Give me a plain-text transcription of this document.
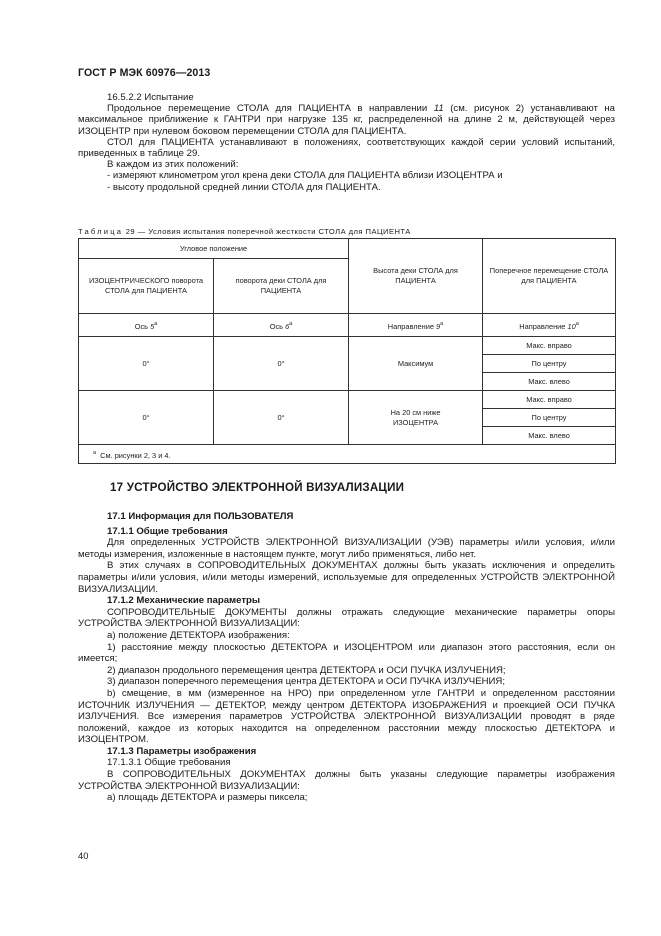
ГОСТ Р МЭК 60976—2013

16.5.2.2 Испытание

Продольное перемещение СТОЛА для ПАЦИЕНТА в направлении 11 (см. рисунок 2) устанавливают на максимальное приближение к ГАНТРИ при нагрузке 135 кг, распределенной на длине 2 м, действующей через ИЗОЦЕНТР при нулевом боковом перемещении СТОЛА для ПАЦИЕНТА.

СТОЛ для ПАЦИЕНТА устанавливают в положениях, соответствующих каждой серии условий испытаний, приведенных в таблице 29.

В каждом из этих положений:

- измеряют клинометром угол крена деки СТОЛА для ПАЦИЕНТА вблизи ИЗОЦЕНТРА и
- высоту продольной средней линии СТОЛА для ПАЦИЕНТА.
Таблица 29 — Условия испытания поперечной жесткости СТОЛА для ПАЦИЕНТА
Угловое положение		Высота деки СТОЛА для ПАЦИЕНТА	Поперечное перемещение СТОЛА для ПАЦИЕНТА
ИЗОЦЕНТРИЧЕСКОГО поворота СТОЛА для ПАЦИЕНТА	поворота деки СТОЛА для ПАЦИЕНТА		
Ось 5$^a$	Ось 6$^a$	Направление 9$^a$	Направление 10$^a$
0°	0°	Максимум	Макс. вправо
			По центру
			Макс. влево
0°	0°	На 20 см ниже ИЗОЦЕНТРА	Макс. вправо
			По центру
			Макс. влево
$^a$ См. рисунки 2, 3 и 4.			
17 УСТРОЙСТВО ЭЛЕКТРОННОЙ ВИЗУАЛИЗАЦИИ

17.1 Информация для ПОЛЬЗОВАТЕЛЯ

17.1.1 Общие требования

Для определенных УСТРОЙСТВ ЭЛЕКТРОННОЙ ВИЗУАЛИЗАЦИИ (УЭВ) параметры и/или условия, и/или методы измерения, изложенные в настоящем пункте, могут либо применяться, либо нет.

В этих случаях в СОПРОВОДИТЕЛЬНЫХ ДОКУМЕНТАХ должны быть указать исключения и определить параметры и/или условия, и/или методы измерений, используемые для определенных УСТРОЙСТВ ЭЛЕКТРОННОЙ ВИЗУАЛИЗАЦИИ.

17.1.2 Механические параметры

СОПРОВОДИТЕЛЬНЫЕ ДОКУМЕНТЫ должны отражать следующие механические параметры опоры УСТРОЙСТВА ЭЛЕКТРОННОЙ ВИЗУАЛИЗАЦИИ:

a) положение ДЕТЕКТОРА изображения:

1) расстояние между плоскостью ДЕТЕКТОРА и ИЗОЦЕНТРОМ или диапазон этого расстояния, если он имеется;

2) диапазон продольного перемещения центра ДЕТЕКТОРА и ОСИ ПУЧКА ИЗЛУЧЕНИЯ;

3) диапазон поперечного перемещения центра ДЕТЕКТОРА и ОСИ ПУЧКА ИЗЛУЧЕНИЯ;

b) смещение, в мм (измеренное на НРО) при определенном угле ГАНТРИ и определенном расстоянии ИСТОЧНИК ИЗЛУЧЕНИЯ — ДЕТЕКТОР, между центром ДЕТЕКТОРА ИЗОБРАЖЕНИЯ и проекцией ОСИ ПУЧКА ИЗЛУЧЕНИЯ. Все измерения параметров УСТРОЙСТВА ЭЛЕКТРОННОЙ ВИЗУАЛИЗАЦИИ проводят в ряде положений, каждое из которых находится на определенном расстоянии между плоскостью ДЕТЕКТОРА и ИЗОЦЕНТРОМ.

17.1.3 Параметры изображения

17.1.3.1 Общие требования

В СОПРОВОДИТЕЛЬНЫХ ДОКУМЕНТАХ должны быть указаны следующие параметры изображения УСТРОЙСТВА ЭЛЕКТРОННОЙ ВИЗУАЛИЗАЦИИ:

a) площадь ДЕТЕКТОРА и размеры пиксела;

40
